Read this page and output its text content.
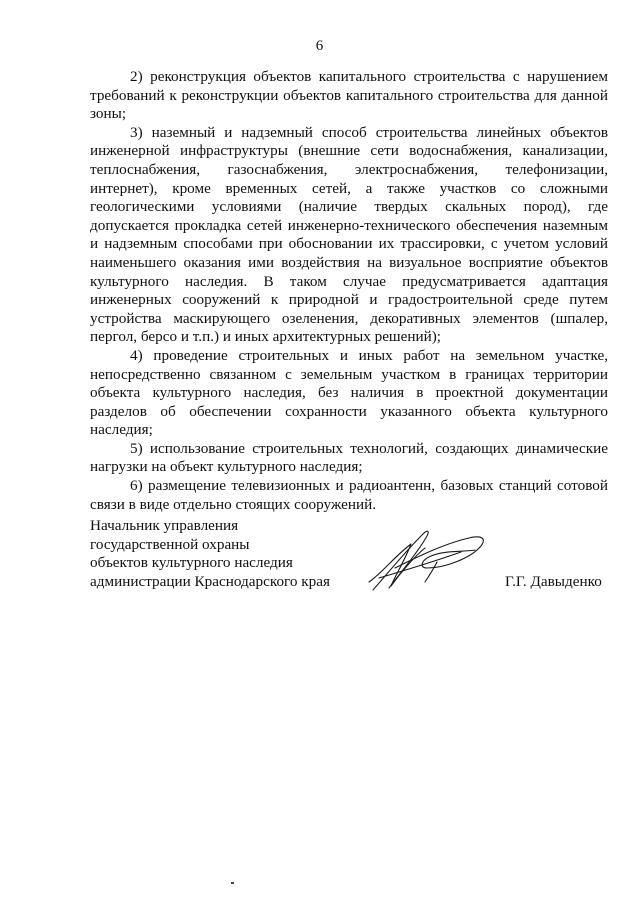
6

2) реконструкция объектов капитального строительства с нарушением требований к реконструкции объектов капитального строительства для данной зоны;

3) наземный и надземный способ строительства линейных объектов инженерной инфраструктуры (внешние сети водоснабжения, канализации, теплоснабжения, газоснабжения, электроснабжения, телефонизации, интернет), кроме временных сетей, а также участков со сложными геологическими условиями (наличие твердых скальных пород), где допускается прокладка сетей инженерно-технического обеспечения наземным и надземным способами при обосновании их трассировки, с учетом условий наименьшего оказания ими воздействия на визуальное восприятие объектов культурного наследия. В таком случае предусматривается адаптация инженерных сооружений к природной и градостроительной среде путем устройства маскирующего озеленения, декоративных элементов (шпалер, пергол, берсо и т.п.) и иных архитектурных решений);

4) проведение строительных и иных работ на земельном участке, непосредственно связанном с земельным участком в границах территории объекта культурного наследия, без наличия в проектной документации разделов об обеспечении сохранности указанного объекта культурного наследия;

5) использование строительных технологий, создающих динамические нагрузки на объект культурного наследия;

6) размещение телевизионных и радиоантенн, базовых станций сотовой связи в виде отдельно стоящих сооружений.

Начальник управления
государственной охраны
объектов культурного наследия
администрации Краснодарского края	Г.Г. Давыденко
